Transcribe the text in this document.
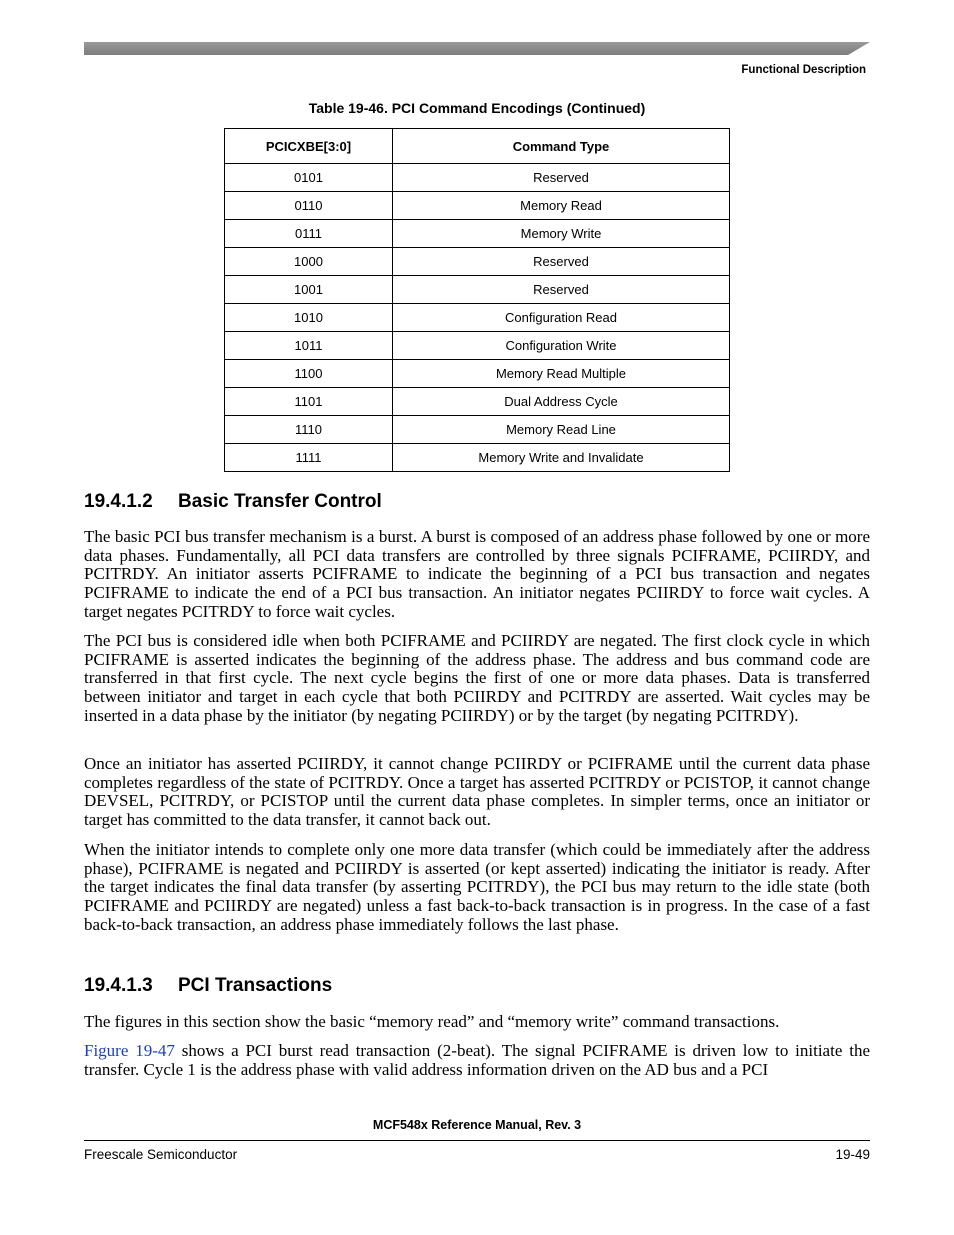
Functional Description
Table 19-46. PCI Command Encodings (Continued)
PCICXBE[3:0]	Command Type
0101	Reserved
0110	Memory Read
0111	Memory Write
1000	Reserved
1001	Reserved
1010	Configuration Read
1011	Configuration Write
1100	Memory Read Multiple
1101	Dual Address Cycle
1110	Memory Read Line
1111	Memory Write and Invalidate
19.4.1.2 Basic Transfer Control

The basic PCI bus transfer mechanism is a burst. A burst is composed of an address phase followed by one or more data phases. Fundamentally, all PCI data transfers are controlled by three signals PCIFRAME, PCIIRDY, and PCITRDY. An initiator asserts PCIFRAME to indicate the beginning of a PCI bus transaction and negates PCIFRAME to indicate the end of a PCI bus transaction. An initiator negates PCIIRDY to force wait cycles. A target negates PCITRDY to force wait cycles.

The PCI bus is considered idle when both PCIFRAME and PCIIRDY are negated. The first clock cycle in which PCIFRAME is asserted indicates the beginning of the address phase. The address and bus command code are transferred in that first cycle. The next cycle begins the first of one or more data phases. Data is transferred between initiator and target in each cycle that both PCIIRDY and PCITRDY are asserted. Wait cycles may be inserted in a data phase by the initiator (by negating PCIIRDY) or by the target (by negating PCITRDY).

Once an initiator has asserted PCIIRDY, it cannot change PCIIRDY or PCIFRAME until the current data phase completes regardless of the state of PCITRDY. Once a target has asserted PCITRDY or PCISTOP, it cannot change DEVSEL, PCITRDY, or PCISTOP until the current data phase completes. In simpler terms, once an initiator or target has committed to the data transfer, it cannot back out.

When the initiator intends to complete only one more data transfer (which could be immediately after the address phase), PCIFRAME is negated and PCIIRDY is asserted (or kept asserted) indicating the initiator is ready. After the target indicates the final data transfer (by asserting PCITRDY), the PCI bus may return to the idle state (both PCIFRAME and PCIIRDY are negated) unless a fast back-to-back transaction is in progress. In the case of a fast back-to-back transaction, an address phase immediately follows the last phase.

19.4.1.3 PCI Transactions

The figures in this section show the basic “memory read” and “memory write” command transactions.

Figure 19-47 shows a PCI burst read transaction (2-beat). The signal PCIFRAME is driven low to initiate the transfer. Cycle 1 is the address phase with valid address information driven on the AD bus and a PCI

MCF548x Reference Manual, Rev. 3
Freescale Semiconductor	19-49
